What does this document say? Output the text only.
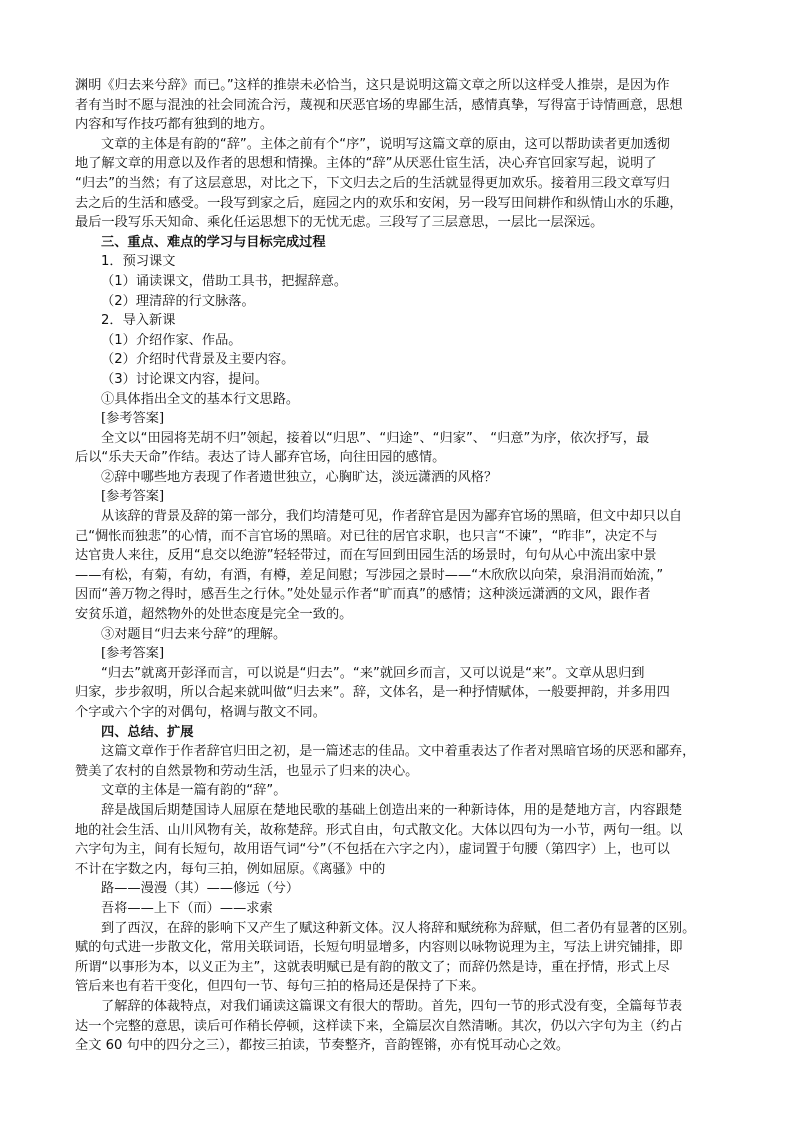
渊明《归去来兮辞》而已。”这样的推崇未必恰当，这只是说明这篇文章之所以这样受人推崇，是因为作
者有当时不愿与混浊的社会同流合污，蔑视和厌恶官场的卑鄙生活，感情真挚，写得富于诗情画意，思想
内容和写作技巧都有独到的地方。
文章的主体是有韵的“辞”。主体之前有个“序”，说明写这篇文章的原由，这可以帮助读者更加透彻
地了解文章的用意以及作者的思想和情操。主体的“辞”从厌恶仕宦生活，决心弃官回家写起，说明了
“归去”的当然；有了这层意思，对比之下，下文归去之后的生活就显得更加欢乐。接着用三段文章写归
去之后的生活和感受。一段写到家之后，庭园之内的欢乐和安闲，另一段写田间耕作和纵情山水的乐趣，
最后一段写乐天知命、乘化任运思想下的无忧无虑。三段写了三层意思，一层比一层深远。
三、重点、难点的学习与目标完成过程
1．预习课文
（1）诵读课文，借助工具书，把握辞意。
（2）理清辞的行文脉落。
2．导入新课
（1）介绍作家、作品。
（2）介绍时代背景及主要内容。
（3）讨论课文内容，提问。
①具体指出全文的基本行文思路。
[参考答案]
全文以“田园将芜胡不归”领起，接着以“归思”、“归途”、“归家”、 “归意”为序，依次抒写，最
后以“乐夫天命”作结。表达了诗人鄙弃官场，向往田园的感情。
②辞中哪些地方表现了作者遗世独立，心胸旷达，淡远潇洒的风格？
[参考答案]
从该辞的背景及辞的第一部分，我们均清楚可见，作者辞官是因为鄙弃官场的黑暗，但文中却只以自
己“惆怅而独悲”的心情，而不言官场的黑暗。对已往的居官求职，也只言“不谏”，“昨非”，决定不与
达官贵人来往，反用“息交以绝游”轻轻带过，而在写回到田园生活的场景时，句句从心中流出家中景
——有松，有菊，有幼，有酒，有樽，差足间慰；写涉园之景时——“木欣欣以向荣，泉涓涓而始流，”
因而“善万物之得时，感吾生之行休。”处处显示作者“旷而真”的感情；这种淡远潇洒的文风，跟作者
安贫乐道，超然物外的处世态度是完全一致的。
③对题目“归去来兮辞”的理解。
[参考答案]
“归去”就离开彭泽而言，可以说是“归去”。“来”就回乡而言，又可以说是“来”。文章从思归到
归家，步步叙明，所以合起来就叫做“归去来”。辞，文体名，是一种抒情赋体，一般要押韵，并多用四
个字或六个字的对偶句，格调与散文不同。
四、总结、扩展
这篇文章作于作者辞官归田之初，是一篇述志的佳品。文中着重表达了作者对黑暗官场的厌恶和鄙弃，
赞美了农村的自然景物和劳动生活，也显示了归来的决心。
文章的主体是一篇有韵的“辞”。
辞是战国后期楚国诗人屈原在楚地民歌的基础上创造出来的一种新诗体，用的是楚地方言，内容跟楚
地的社会生活、山川风物有关，故称楚辞。形式自由，句式散文化。大体以四句为一小节，两句一组。以
六字句为主，间有长短句，故用语气词“兮”（不包括在六字之内），虚词置于句腰（第四字）上，也可以
不计在字数之内，每句三拍，例如屈原。《离骚》中的
路——漫漫（其）——修远（兮）
吾将——上下（而）——求索
到了西汉，在辞的影响下又产生了赋这种新文体。汉人将辞和赋统称为辞赋，但二者仍有显著的区别。
赋的句式进一步散文化，常用关联词语，长短句明显增多，内容则以咏物说理为主，写法上讲究铺排，即
所谓“以事形为本，以义正为主”，这就表明赋已是有韵的散文了；而辞仍然是诗，重在抒情，形式上尽
管后来也有若干变化，但四句一节、每句三拍的格局还是保持了下来。
了解辞的体裁特点，对我们诵读这篇课文有很大的帮助。首先，四句一节的形式没有变，全篇每节表
达一个完整的意思，读后可作稍长停顿，这样读下来，全篇层次自然清晰。其次，仍以六字句为主（约占
全文 60 句中的四分之三），都按三拍读，节奏整齐，音韵铿锵，亦有悦耳动心之效。
